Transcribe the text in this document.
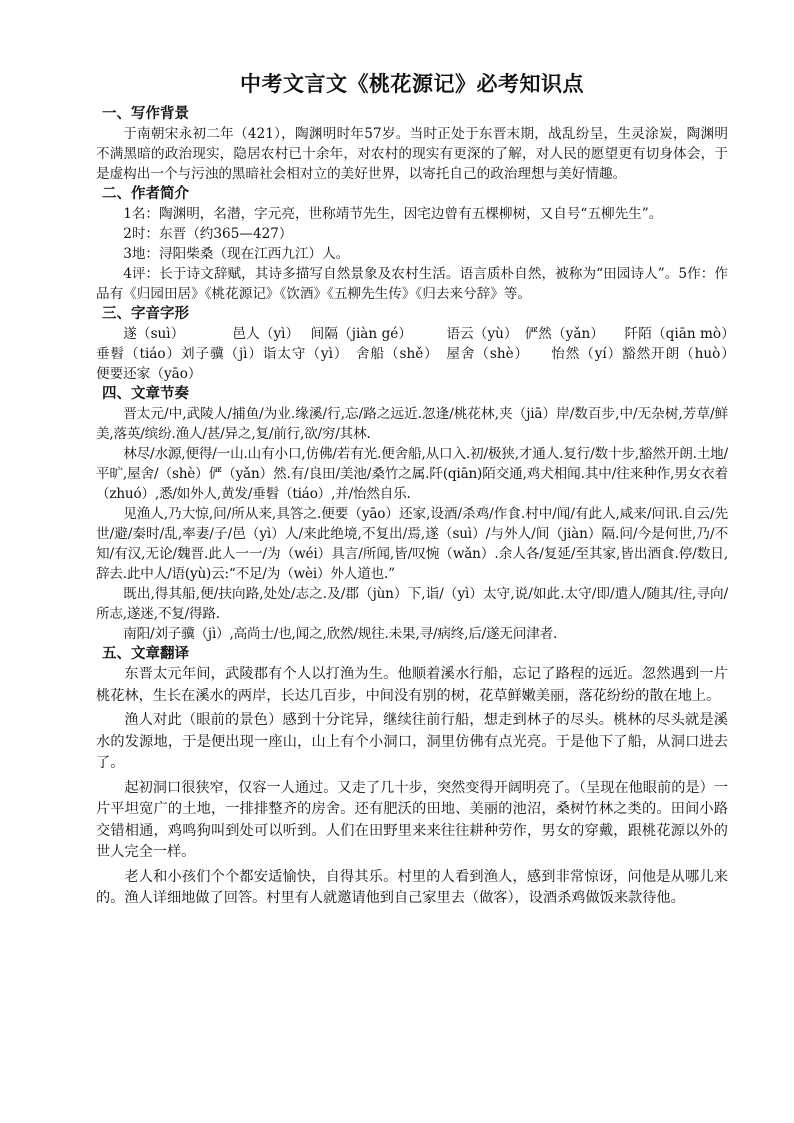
中考文言文《桃花源记》必考知识点
一、写作背景

于南朝宋永初二年（421），陶渊明时年57岁。当时正处于东晋末期，战乱纷呈，生灵涂炭，陶渊明不满黑暗的政治现实，隐居农村已十余年，对农村的现实有更深的了解，对人民的愿望更有切身体会，于是虚构出一个与污浊的黑暗社会相对立的美好世界，以寄托自己的政治理想与美好情趣。

二、作者简介

1名：陶渊明，名潜，字元亮，世称靖节先生，因宅边曾有五棵柳树，又自号“五柳先生”。

2时：东晋（约365—427）

3地：浔阳柴桑（现在江西九江）人。

4评：长于诗文辞赋，其诗多描写自然景象及农村生活。语言质朴自然，被称为“田园诗人”。5作：作品有《归园田居》《桃花源记》《饮酒》《五柳先生传》《归去来兮辞》等。

三、字音字形

遂（suì）　　　　邑人（yì）　 间隔（jiàn gé）　　　语云（yù）　俨然（yǎn）　　阡陌（qiān mò）　垂髫（tiáo）刘子骥（jì）诣太守（yì）　舍船（shě）　屋舍（shè）　　怡然（yí）豁然开朗（huò）　　便要还家（yāo）

四、文章节奏

晋太元/中,武陵人/捕鱼/为业.缘溪/行,忘/路之远近.忽逢/桃花林,夹（jiā）岸/数百步,中/无杂树,芳草/鲜美,落英/缤纷.渔人/甚/异之,复/前行,欲/穷/其林.

林尽/水源,便得/一山.山有小口,仿佛/若有光.便舍船,从口入.初/极狭,才通人.复行/数十步,豁然开朗.土地/平旷,屋舍/（shè）俨（yǎn）然.有/良田/美池/桑竹之属.阡(qiān)陌交通,鸡犬相闻.其中/往来种作,男女衣着（zhuó）,悉/如外人,黄发/垂髫（tiáo）,并/怡然自乐.

见渔人,乃大惊,问/所从来,具答之.便要（yāo）还家,设酒/杀鸡/作食.村中/闻/有此人,咸来/问讯.自云/先世/避/秦时/乱,率妻/子/邑（yì）人/来此绝境,不复出/焉,遂（suì）/与外人/间（jiàn）隔.问/今是何世,乃/不知/有汉,无论/魏晋.此人一一/为（wéi）具言/所闻,皆/叹惋（wǎn）.余人各/复延/至其家,皆出酒食.停/数日,辞去.此中人/语(yù)云:“不足/为（wèi）外人道也.”

既出,得其船,便/扶向路,处处/志之.及/郡（jùn）下,诣/（yì）太守,说/如此.太守/即/遣人/随其/往,寻向/所志,遂迷,不复/得路.

南阳/刘子骥（jì）,高尚士/也,闻之,欣然/规往.未果,寻/病终,后/遂无问津者.

五、文章翻译

东晋太元年间，武陵郡有个人以打渔为生。他顺着溪水行船，忘记了路程的远近。忽然遇到一片桃花林，生长在溪水的两岸，长达几百步，中间没有别的树，花草鲜嫩美丽，落花纷纷的散在地上。

渔人对此（眼前的景色）感到十分诧异，继续往前行船，想走到林子的尽头。桃林的尽头就是溪水的发源地，于是便出现一座山，山上有个小洞口，洞里仿佛有点光亮。于是他下了船，从洞口进去了。

起初洞口很狭窄，仅容一人通过。又走了几十步，突然变得开阔明亮了。（呈现在他眼前的是）一片平坦宽广的土地，一排排整齐的房舍。还有肥沃的田地、美丽的池沼，桑树竹林之类的。田间小路交错相通，鸡鸣狗叫到处可以听到。人们在田野里来来往往耕种劳作，男女的穿戴，跟桃花源以外的世人完全一样。

老人和小孩们个个都安适愉快，自得其乐。村里的人看到渔人，感到非常惊讶，问他是从哪儿来的。渔人详细地做了回答。村里有人就邀请他到自己家里去（做客），设酒杀鸡做饭来款待他。
